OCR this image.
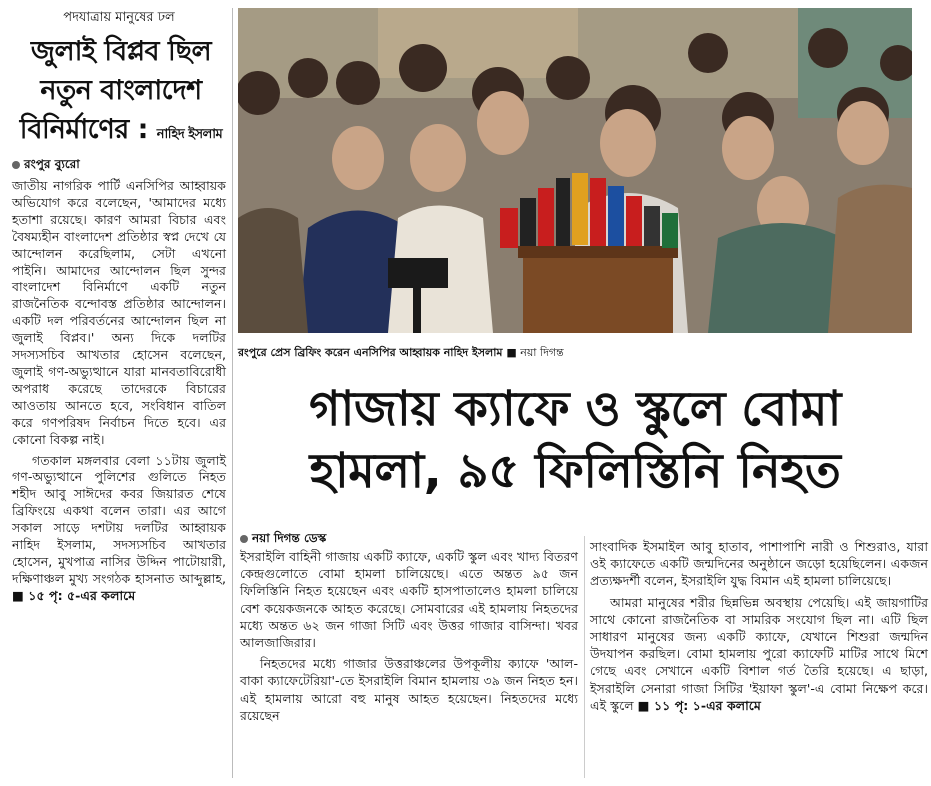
পদযাত্রায় মানুষের ঢল
জুলাই বিপ্লব ছিল
নতুন বাংলাদেশ
বিনির্মাণের : নাহিদ ইসলাম
রংপুর ব্যুরো

জাতীয় নাগরিক পার্টি এনসিপির আহ্বায়ক অভিযোগ করে বলেছেন, 'আমাদের মধ্যে হতাশা রয়েছে। কারণ আমরা বিচার এবং বৈষম্যহীন বাংলাদেশ প্রতিষ্ঠার স্বপ্ন দেখে যে আন্দোলন করেছিলাম, সেটা এখনো পাইনি। আমাদের আন্দোলন ছিল সুন্দর বাংলাদেশ বিনির্মাণে একটি নতুন রাজনৈতিক বন্দোবস্ত প্রতিষ্ঠার আন্দোলন। একটি দল পরিবর্তনের আন্দোলন ছিল না জুলাই বিপ্লব।' অন্য দিকে দলটির সদস্যসচিব আখতার হোসেন বলেছেন, জুলাই গণ-অভ্যুত্থানে যারা মানবতাবিরোধী অপরাধ করেছে তাদেরকে বিচারের আওতায় আনতে হবে, সংবিধান বাতিল করে গণপরিষদ নির্বাচন দিতে হবে। এর কোনো বিকল্প নাই।

গতকাল মঙ্গলবার বেলা ১১টায় জুলাই গণ-অভ্যুত্থানে পুলিশের গুলিতে নিহত শহীদ আবু সাঈদের কবর জিয়ারত শেষে ব্রিফিংয়ে একথা বলেন তারা। এর আগে সকাল সাড়ে দশটায় দলটির আহ্বায়ক নাহিদ ইসলাম, সদস্যসচিব আখতার হোসেন, মুখপাত্র নাসির উদ্দিন পাটোয়ারী, দক্ষিণাঞ্চল মুখ্য সংগঠক হাসনাত আব্দুল্লাহ, ■ ১৫ পৃ: ৫-এর কলামে

রংপুরে প্রেস ব্রিফিং করেন এনসিপির আহ্বায়ক নাহিদ ইসলাম ■ নয়া দিগন্ত
গাজায় ক্যাফে ও স্কুলে বোমা
হামলা, ৯৫ ফিলিস্তিনি নিহত
নয়া দিগন্ত ডেস্ক

ইসরাইলি বাহিনী গাজায় একটি ক্যাফে, একটি স্কুল এবং খাদ্য বিতরণ কেন্দ্রগুলোতে বোমা হামলা চালিয়েছে। এতে অন্তত ৯৫ জন ফিলিস্তিনি নিহত হয়েছেন এবং একটি হাসপাতালেও হামলা চালিয়ে বেশ কয়েকজনকে আহত করেছে। সোমবারের এই হামলায় নিহতদের মধ্যে অন্তত ৬২ জন গাজা সিটি এবং উত্তর গাজার বাসিন্দা। খবর আলজাজিরার।

নিহতদের মধ্যে গাজার উত্তরাঞ্চলের উপকূলীয় ক্যাফে 'আল-বাকা ক্যাফেটেরিয়া'-তে ইসরাইলি বিমান হামলায় ৩৯ জন নিহত হন। এই হামলায় আরো বহু মানুষ আহত হয়েছেন। নিহতদের মধ্যে রয়েছেন

সাংবাদিক ইসমাইল আবু হাতাব, পাশাপাশি নারী ও শিশুরাও, যারা ওই ক্যাফেতে একটি জন্মদিনের অনুষ্ঠানে জড়ো হয়েছিলেন। একজন প্রত্যক্ষদর্শী বলেন, ইসরাইলি যুদ্ধ বিমান এই হামলা চালিয়েছে।

আমরা মানুষের শরীর ছিন্নভিন্ন অবস্থায় পেয়েছি। এই জায়গাটির সাথে কোনো রাজনৈতিক বা সামরিক সংযোগ ছিল না। এটি ছিল সাধারণ মানুষের জন্য একটি ক্যাফে, যেখানে শিশুরা জন্মদিন উদযাপন করছিল। বোমা হামলায় পুরো ক্যাফেটি মাটির সাথে মিশে গেছে এবং সেখানে একটি বিশাল গর্ত তৈরি হয়েছে। এ ছাড়া, ইসরাইলি সেনারা গাজা সিটির 'ইয়াফা স্কুল'-এ বোমা নিক্ষেপ করে। এই স্কুলে ■ ১১ পৃ: ১-এর কলামে
